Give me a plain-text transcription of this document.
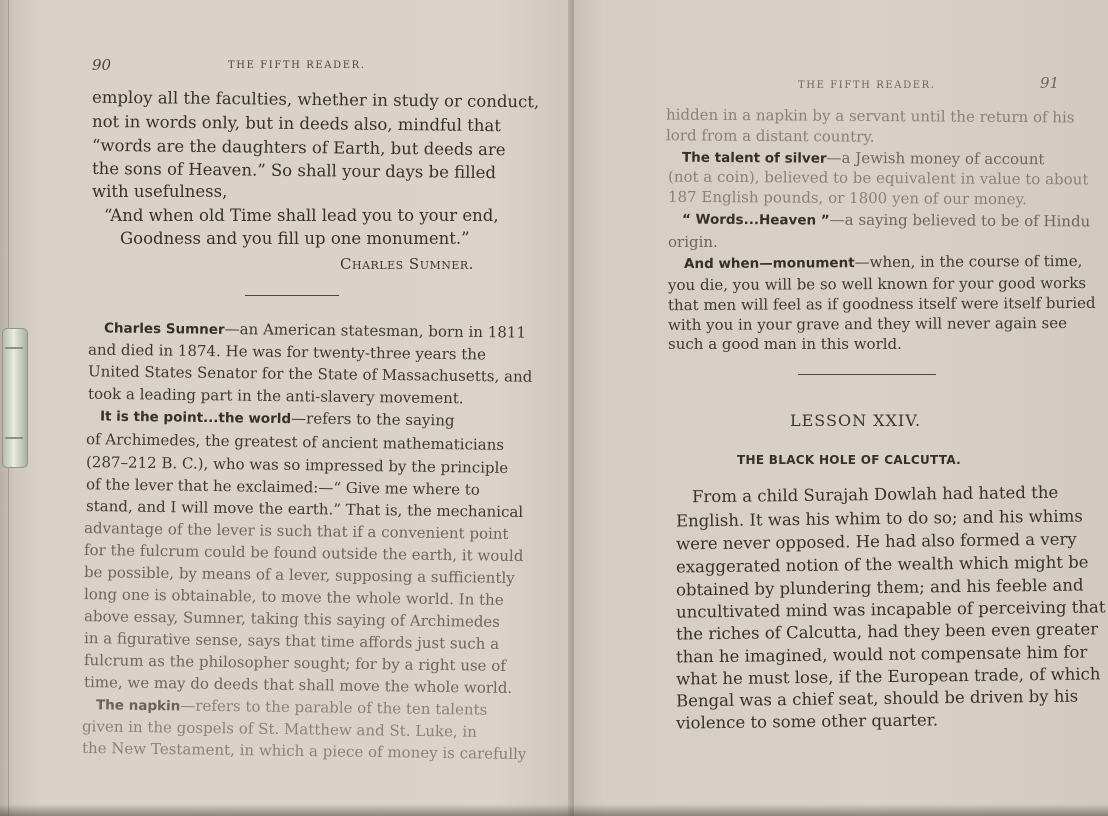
90	THE FIFTH READER.
employ all the faculties, whether in study or conduct,
not in words only, but in deeds also, mindful that
“words are the daughters of Earth, but deeds are
the sons of Heaven.” So shall your days be filled
with usefulness,
“And when old Time shall lead you to your end,
Goodness and you fill up one monument.”
Charles Sumner.
Charles Sumner—an American statesman, born in 1811
and died in 1874. He was for twenty-three years the
United States Senator for the State of Massachusetts, and
took a leading part in the anti-slavery movement.
It is the point...the world—refers to the saying
of Archimedes, the greatest of ancient mathematicians
(287–212 B. C.), who was so impressed by the principle
of the lever that he exclaimed:—“ Give me where to
stand, and I will move the earth.” That is, the mechanical
advantage of the lever is such that if a convenient point
for the fulcrum could be found outside the earth, it would
be possible, by means of a lever, supposing a sufficiently
long one is obtainable, to move the whole world. In the
above essay, Sumner, taking this saying of Archimedes
in a figurative sense, says that time affords just such a
fulcrum as the philosopher sought; for by a right use of
time, we may do deeds that shall move the whole world.
The napkin—refers to the parable of the ten talents
given in the gospels of St. Matthew and St. Luke, in
the New Testament, in which a piece of money is carefully
THE FIFTH READER.	91
hidden in a napkin by a servant until the return of his
lord from a distant country.
The talent of silver—a Jewish money of account
(not a coin), believed to be equivalent in value to about
187 English pounds, or 1800 yen of our money.
“ Words...Heaven ”—a saying believed to be of Hindu
origin.
And when—monument—when, in the course of time,
you die, you will be so well known for your good works
that men will feel as if goodness itself were itself buried
with you in your grave and they will never again see
such a good man in this world.
LESSON XXIV.
THE BLACK HOLE OF CALCUTTA.
From a child Surajah Dowlah had hated the
English. It was his whim to do so; and his whims
were never opposed. He had also formed a very
exaggerated notion of the wealth which might be
obtained by plundering them; and his feeble and
uncultivated mind was incapable of perceiving that
the riches of Calcutta, had they been even greater
than he imagined, would not compensate him for
what he must lose, if the European trade, of which
Bengal was a chief seat, should be driven by his
violence to some other quarter.
